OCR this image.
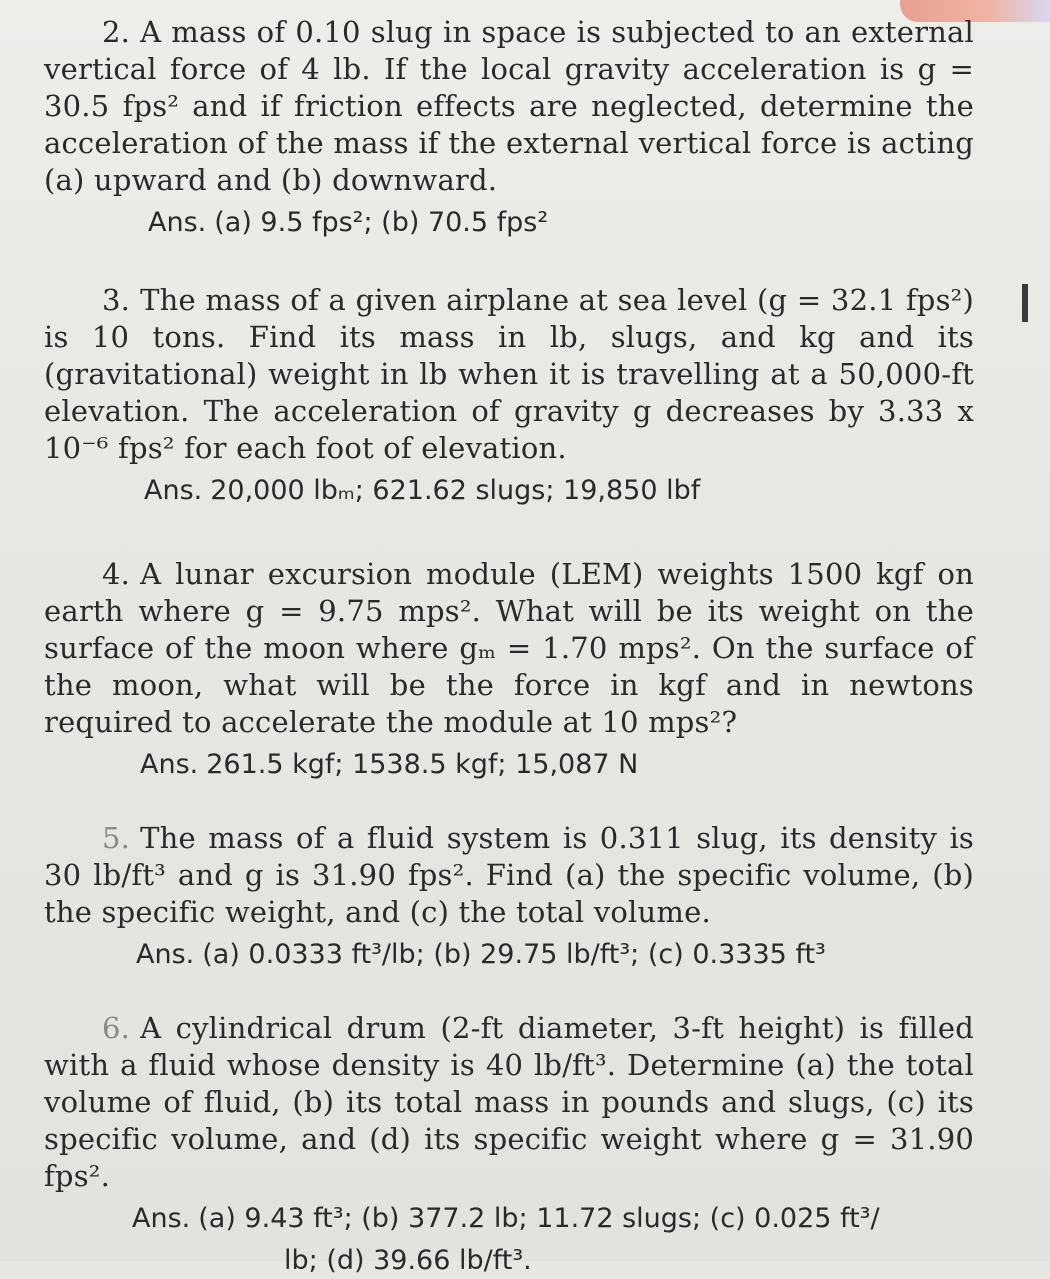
2. A mass of 0.10 slug in space is subjected to an external vertical force of 4 lb. If the local gravity acceleration is g = 30.5 fps² and if friction effects are neglected, determine the acceleration of the mass if the external vertical force is acting (a) upward and (b) downward.

Ans. (a) 9.5 fps²; (b) 70.5 fps²

3. The mass of a given airplane at sea level (g = 32.1 fps²) is 10 tons. Find its mass in lb, slugs, and kg and its (gravitational) weight in lb when it is travelling at a 50,000-ft elevation. The acceleration of gravity g decreases by 3.33 x 10⁻⁶ fps² for each foot of elevation.

Ans. 20,000 lbₘ; 621.62 slugs; 19,850 lbf

4. A lunar excursion module (LEM) weights 1500 kgf on earth where g = 9.75 mps². What will be its weight on the surface of the moon where gₘ = 1.70 mps². On the surface of the moon, what will be the force in kgf and in newtons required to accelerate the module at 10 mps²?

Ans. 261.5 kgf; 1538.5 kgf; 15,087 N

5. The mass of a fluid system is 0.311 slug, its density is 30 lb/ft³ and g is 31.90 fps². Find (a) the specific volume, (b) the specific weight, and (c) the total volume.

Ans. (a) 0.0333 ft³/lb; (b) 29.75 lb/ft³; (c) 0.3335 ft³

6. A cylindrical drum (2-ft diameter, 3-ft height) is filled with a fluid whose density is 40 lb/ft³. Determine (a) the total volume of fluid, (b) its total mass in pounds and slugs, (c) its specific volume, and (d) its specific weight where g = 31.90 fps².

Ans. (a) 9.43 ft³; (b) 377.2 lb; 11.72 slugs; (c) 0.025 ft³/

lb; (d) 39.66 lb/ft³.
